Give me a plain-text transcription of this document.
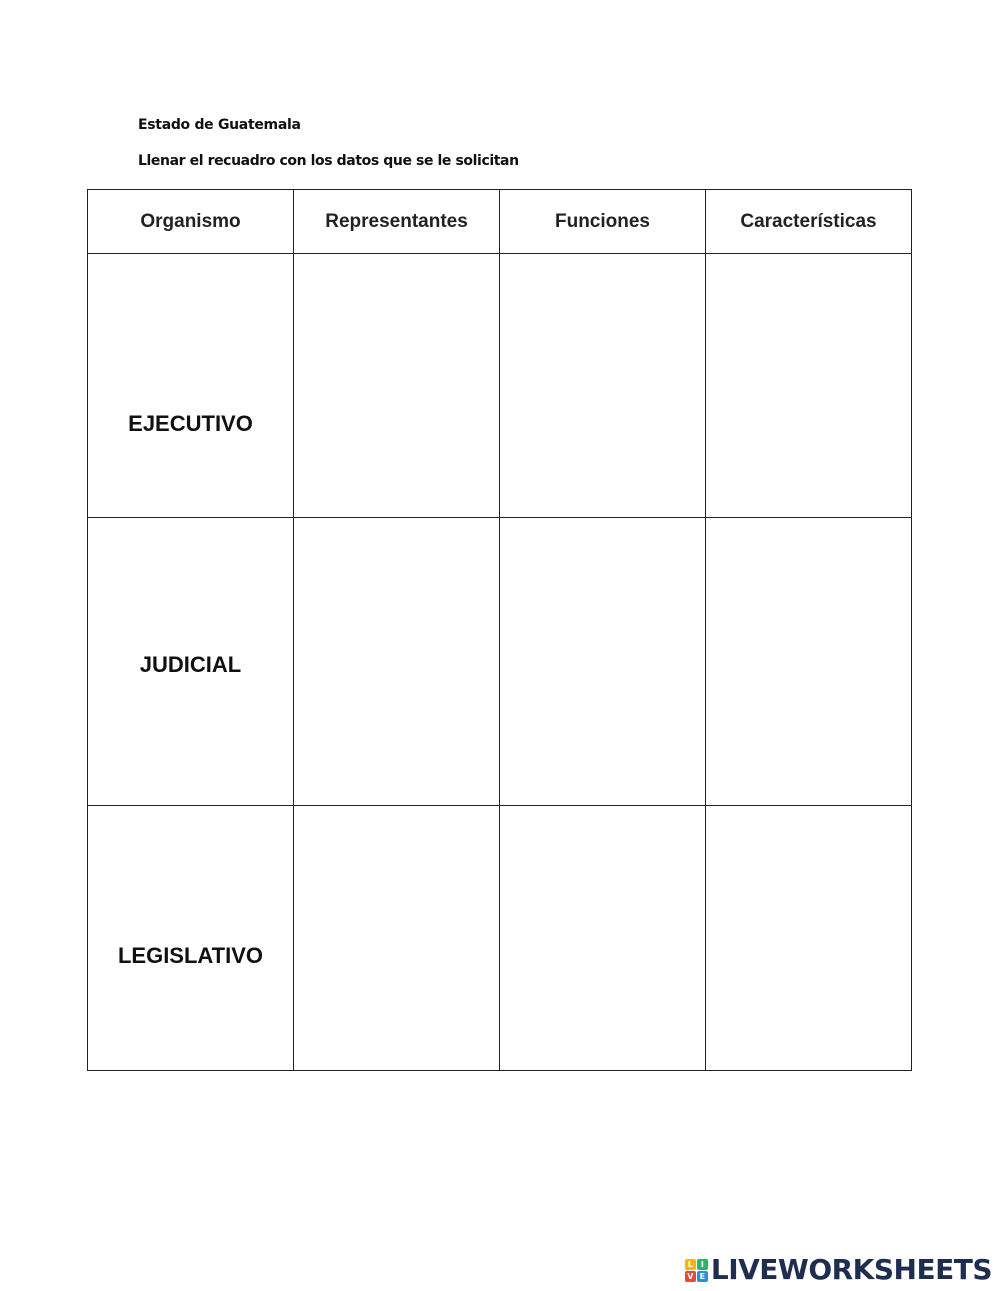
Estado de Guatemala
Llenar el recuadro con los datos que se le solicitan
Organismo	Representantes	Funciones	Características
EJECUTIVO			
JUDICIAL			
LEGISLATIVO			
L I
V E LIVEWORKSHEETS
